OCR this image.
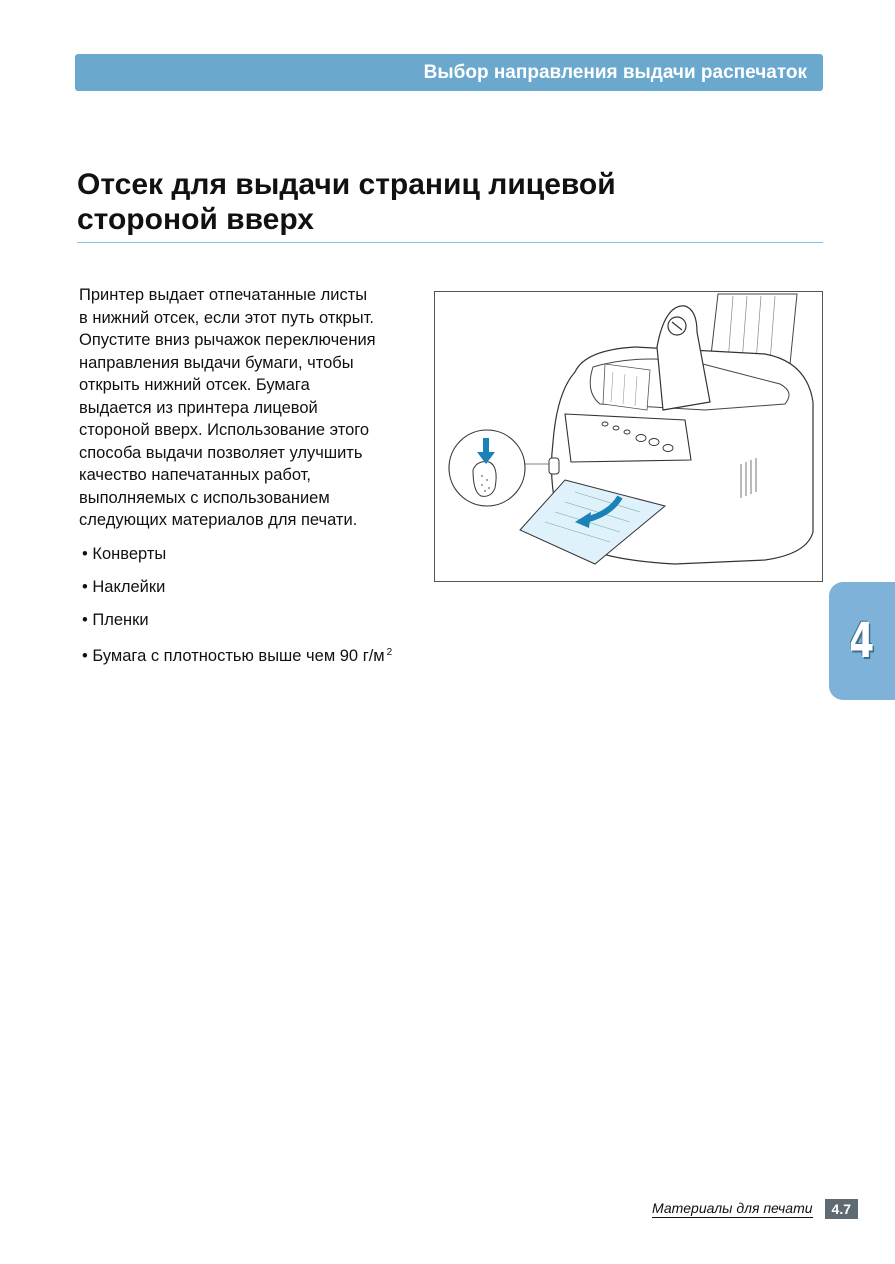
Выбор направления выдачи распечаток
Отсек для выдачи страниц лицевой
стороной вверх

Принтер выдает отпечатанные листы
в нижний отсек, если этот путь открыт.
Опустите вниз рычажок переключения
направления выдачи бумаги, чтобы
открыть нижний отсек. Бумага
выдается из принтера лицевой
стороной вверх. Использование этого
способа выдачи позволяет улучшить
качество напечатанных работ,
выполняемых с использованием
следующих материалов для печати.

• Конверты
• Наклейки
• Пленки
• Бумага с плотностью выше чем 90 г/м $^2$	4
Материалы для печати	4.7
